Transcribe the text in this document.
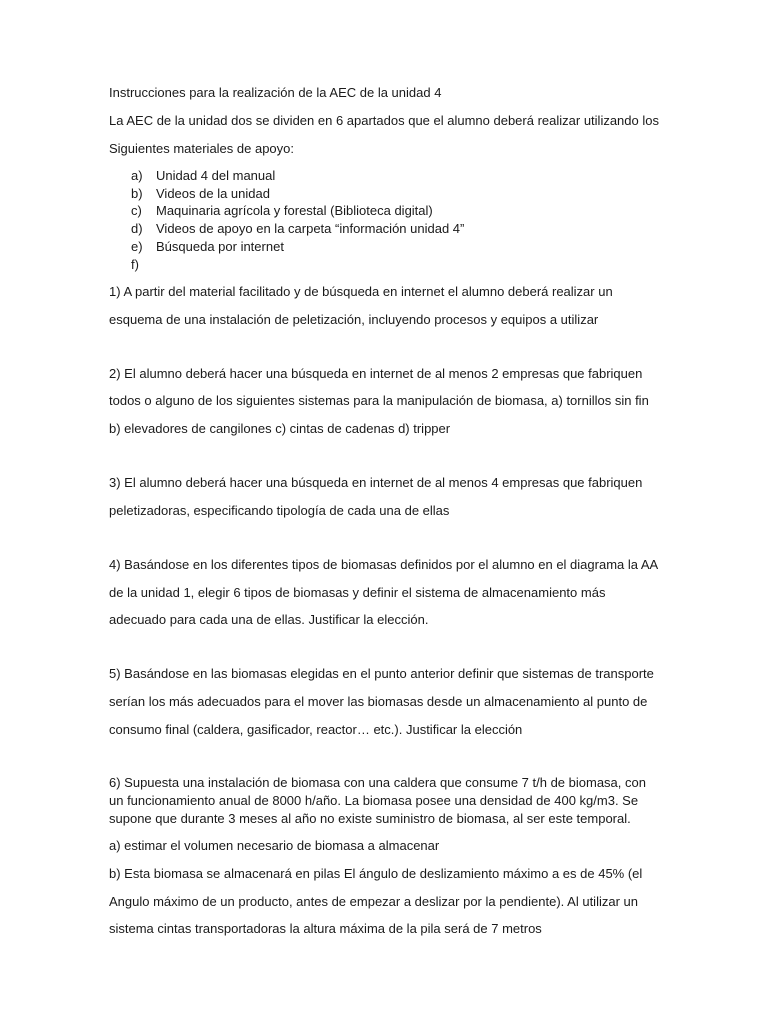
Instrucciones para la realización de la AEC de la unidad 4
La AEC de la unidad dos se dividen en 6 apartados que el alumno deberá realizar utilizando los
Siguientes materiales de apoyo:
a) Unidad 4 del manual
b) Videos de la unidad
c) Maquinaria agrícola y forestal (Biblioteca digital)
d) Videos de apoyo en la carpeta “información unidad 4”
e) Búsqueda por internet
f)
1) A partir del material facilitado y de búsqueda en internet el alumno deberá realizar un
esquema de una instalación de peletización, incluyendo procesos y equipos a utilizar
2) El alumno deberá hacer una búsqueda en internet de al menos 2 empresas que fabriquen
todos o alguno de los siguientes sistemas para la manipulación de biomasa, a) tornillos sin fin
b) elevadores de cangilones c) cintas de cadenas d) tripper
3) El alumno deberá hacer una búsqueda en internet de al menos 4 empresas que fabriquen
peletizadoras, especificando tipología de cada una de ellas
4) Basándose en los diferentes tipos de biomasas definidos por el alumno en el diagrama la AA
de la unidad 1, elegir 6 tipos de biomasas y definir el sistema de almacenamiento más
adecuado para cada una de ellas. Justificar la elección.
5) Basándose en las biomasas elegidas en el punto anterior definir que sistemas de transporte
serían los más adecuados para el mover las biomasas desde un almacenamiento al punto de
consumo final (caldera, gasificador, reactor… etc.). Justificar la elección
6) Supuesta una instalación de biomasa con una caldera que consume 7 t/h de biomasa, con
un funcionamiento anual de 8000 h/año. La biomasa posee una densidad de 400 kg/m3. Se
supone que durante 3 meses al año no existe suministro de biomasa, al ser este temporal.
a) estimar el volumen necesario de biomasa a almacenar
b) Esta biomasa se almacenará en pilas El ángulo de deslizamiento máximo a es de 45% (el
Angulo máximo de un producto, antes de empezar a deslizar por la pendiente). Al utilizar un
sistema cintas transportadoras la altura máxima de la pila será de 7 metros
